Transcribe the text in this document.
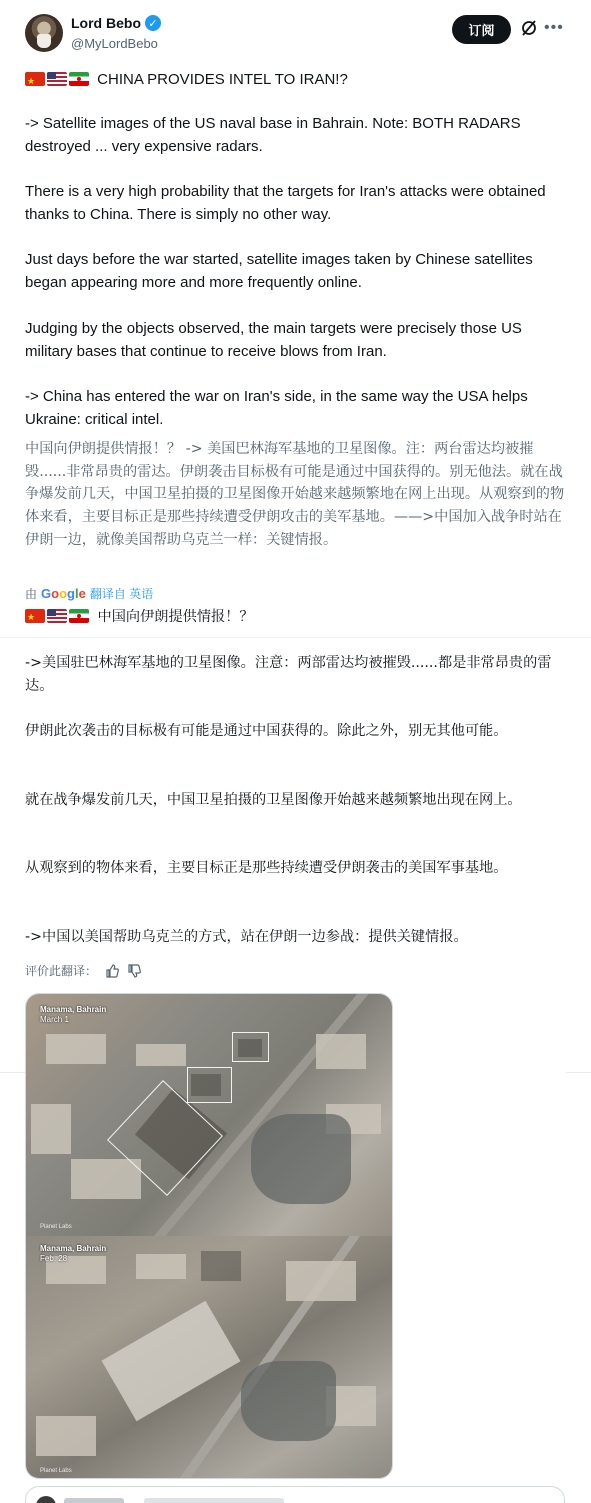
Lord Bebo ✓
@MyLordBebo
订阅	•••
★
CHINA PROVIDES INTEL TO IRAN!?
-> Satellite images of the US naval base in Bahrain. Note: BOTH RADARS destroyed ... very expensive radars.
There is a very high probability that the targets for Iran's attacks were obtained thanks to China. There is simply no other way.
Just days before the war started, satellite images taken by Chinese satellites began appearing more and more frequently online.
Judging by the objects observed, the main targets were precisely those US military bases that continue to receive blows from Iran.
-> China has entered the war on Iran's side, in the same way the USA helps Ukraine: critical intel.
中国向伊朗提供情报！？ -> 美国巴林海军基地的卫星图像。注：两台雷达均被摧毁......非常昂贵的雷达。伊朗袭击目标极有可能是通过中国获得的。别无他法。就在战争爆发前几天，中国卫星拍摄的卫星图像开始越来越频繁地在网上出现。从观察到的物体来看，主要目标正是那些持续遭受伊朗攻击的美军基地。——>中国加入战争时站在伊朗一边，就像美国帮助乌克兰一样：关键情报。
由 Google 翻译自 英语
★
中国向伊朗提供情报！？
->美国驻巴林海军基地的卫星图像。注意：两部雷达均被摧毁......都是非常昂贵的雷达。
伊朗此次袭击的目标极有可能是通过中国获得的。除此之外，别无其他可能。
就在战争爆发前几天，中国卫星拍摄的卫星图像开始越来越频繁地出现在网上。
从观察到的物体来看，主要目标正是那些持续遭受伊朗袭击的美国军事基地。
->中国以美国帮助乌克兰的方式，站在伊朗一边参战：提供关键情报。
评价此翻译：
Manama, Bahrain
March 1
Planet Labs
Manama, Bahrain
Feb. 28
Planet Labs
